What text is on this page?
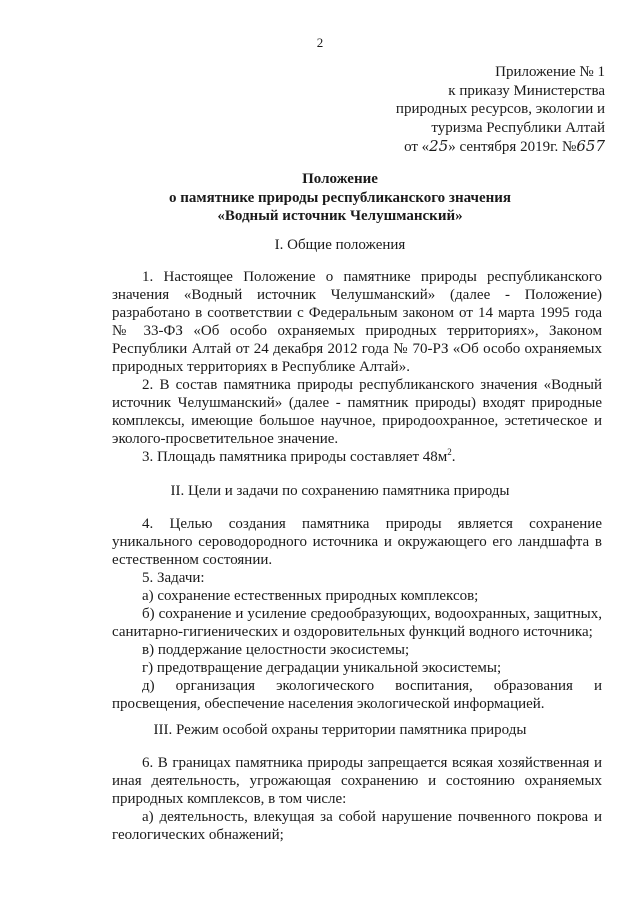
2
Приложение № 1
к приказу Министерства
природных ресурсов, экологии и
туризма Республики Алтай
от «25» сентября 2019г. №657
Положение
о памятнике природы республиканского значения
«Водный источник Челушманский»
I. Общие положения

1. Настоящее Положение о памятнике природы республиканского значения «Водный источник Челушманский» (далее - Положение) разработано в соответствии с Федеральным законом от 14 марта 1995 года № 33-ФЗ «Об особо охраняемых природных территориях», Законом Республики Алтай от 24 декабря 2012 года № 70-РЗ «Об особо охраняемых природных территориях в Республике Алтай».

2. В состав памятника природы республиканского значения «Водный источник Челушманский» (далее - памятник природы) входят природные комплексы, имеющие большое научное, природоохранное, эстетическое и эколого-просветительное значение.

3. Площадь памятника природы составляет $48м^2$.

II. Цели и задачи по сохранению памятника природы

4. Целью создания памятника природы является сохранение уникального сероводородного источника и окружающего его ландшафта в естественном состоянии.

5. Задачи:

а) сохранение естественных природных комплексов;

б) сохранение и усиление средообразующих, водоохранных, защитных, санитарно-гигиенических и оздоровительных функций водного источника;

в) поддержание целостности экосистемы;

г) предотвращение деградации уникальной экосистемы;

д) организация экологического воспитания, образования и просвещения, обеспечение населения экологической информацией.

III. Режим особой охраны территории памятника природы

6. В границах памятника природы запрещается всякая хозяйственная и иная деятельность, угрожающая сохранению и состоянию охраняемых природных комплексов, в том числе:

а) деятельность, влекущая за собой нарушение почвенного покрова и геологических обнажений;
